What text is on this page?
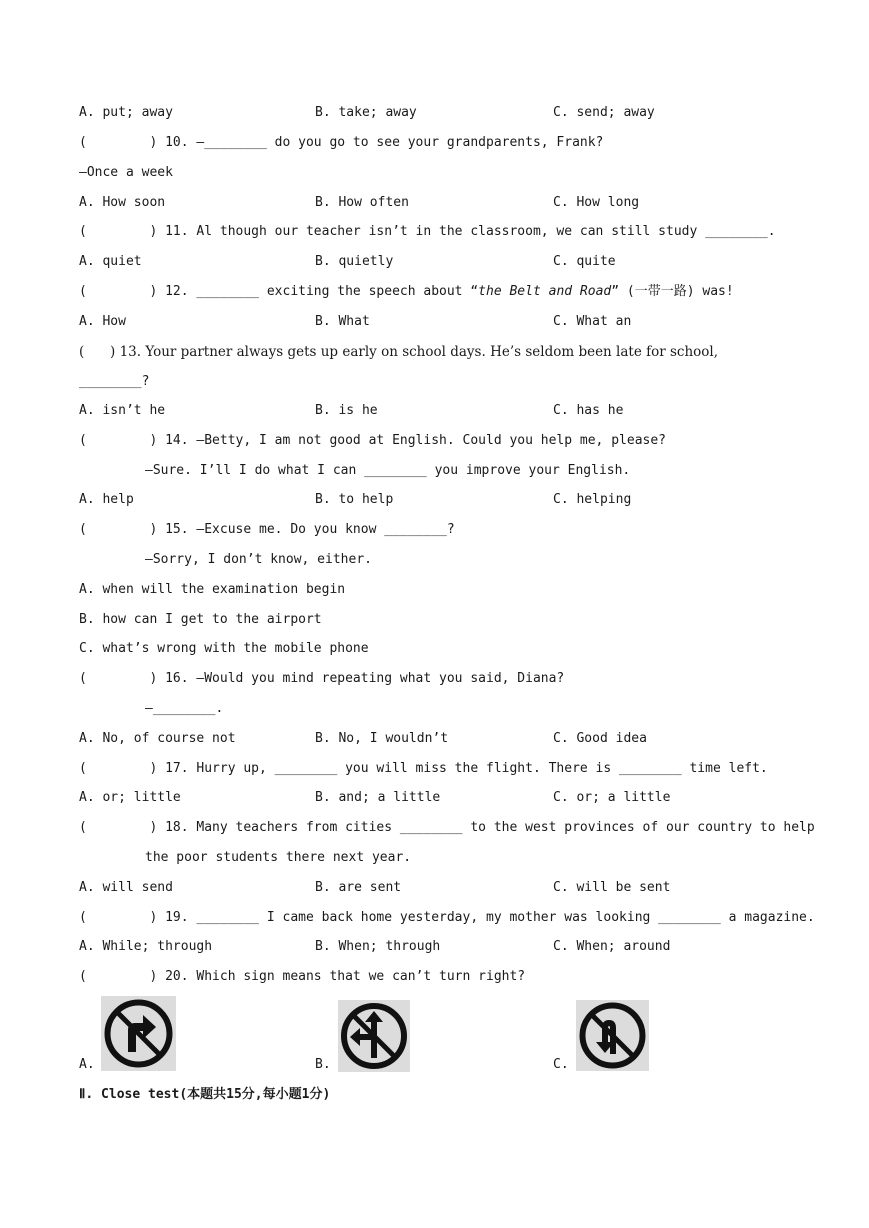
A. put; away	B. take; away	C. send; away
(        ) 10. —________ do you go to see your grandparents, Frank?
—Once a week
A. How soon	B. How often	C. How long
(        ) 11. Al though our teacher isn’t in the classroom, we can still study ________.
A. quiet	B. quietly	C. quite
(        ) 12. ________ exciting the speech about “the Belt and Road” (一带一路) was!
A. How	B. What	C. What an
(      ) 13. Your partner always gets up early on school days. He’s seldom been late for school,
________?
A. isn’t he	B. is he	C. has he
(        ) 14. —Betty, I am not good at English. Could you help me, please?
—Sure. I’ll I do what I can ________ you improve your English.
A. help	B. to help	C. helping
(        ) 15. —Excuse me. Do you know ________?
—Sorry, I don’t know, either.
A. when will the examination begin
B. how can I get to the airport
C. what’s wrong with the mobile phone
(        ) 16. —Would you mind repeating what you said, Diana?
—________.
A. No, of course not	B. No, I wouldn’t	C. Good idea
(        ) 17. Hurry up, ________ you will miss the flight. There is ________ time left.
A. or; little	B. and; a little	C. or; a little
(        ) 18. Many teachers from cities ________ to the west provinces of our country to help
the poor students there next year.
A. will send	B. are sent	C. will be sent
(        ) 19. ________ I came back home yesterday, my mother was looking ________ a magazine.
A. While; through	B. When; through	C. When; around
(        ) 20. Which sign means that we can’t turn right?
A.	B.	C.
Ⅱ. Close test(本题共15分,每小题1分)
